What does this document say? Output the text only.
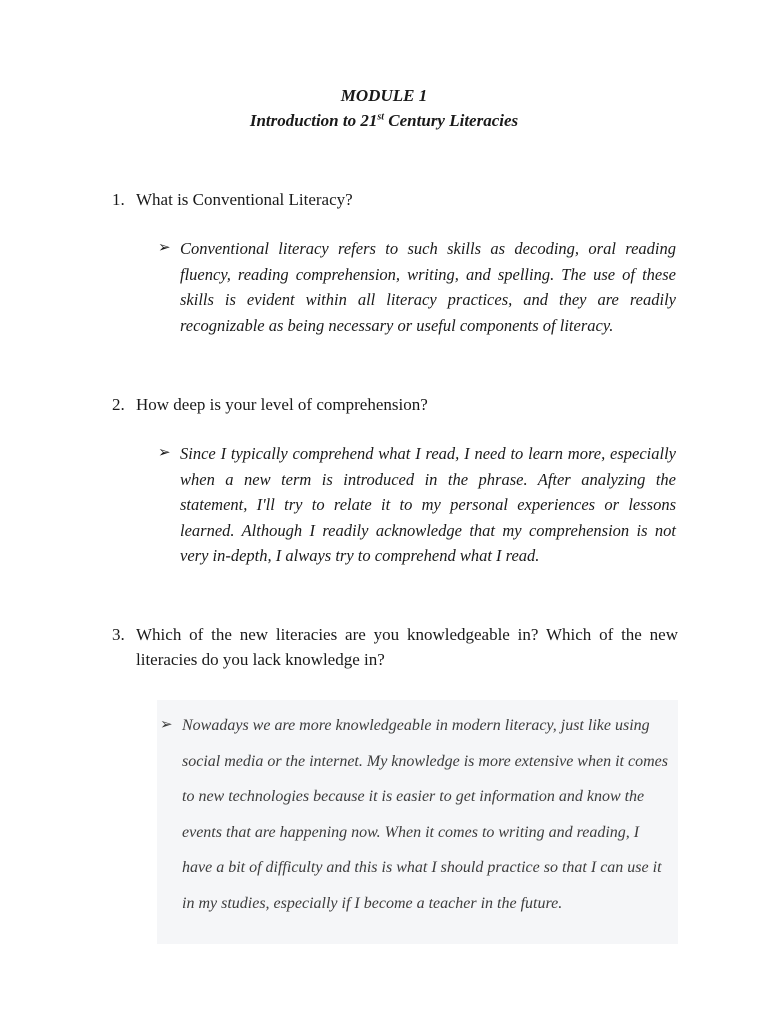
MODULE 1
Introduction to 21st Century Literacies
1. What is Conventional Literacy?
➢ Conventional literacy refers to such skills as decoding, oral reading fluency, reading comprehension, writing, and spelling. The use of these skills is evident within all literacy practices, and they are readily recognizable as being necessary or useful components of literacy.
2. How deep is your level of comprehension?
➢ Since I typically comprehend what I read, I need to learn more, especially when a new term is introduced in the phrase. After analyzing the statement, I'll try to relate it to my personal experiences or lessons learned. Although I readily acknowledge that my comprehension is not very in-depth, I always try to comprehend what I read.
3. Which of the new literacies are you knowledgeable in? Which of the new literacies do you lack knowledge in?
➢ Nowadays we are more knowledgeable in modern literacy, just like using social media or the internet. My knowledge is more extensive when it comes to new technologies because it is easier to get information and know the events that are happening now. When it comes to writing and reading, I have a bit of difficulty and this is what I should practice so that I can use it in my studies, especially if I become a teacher in the future.
